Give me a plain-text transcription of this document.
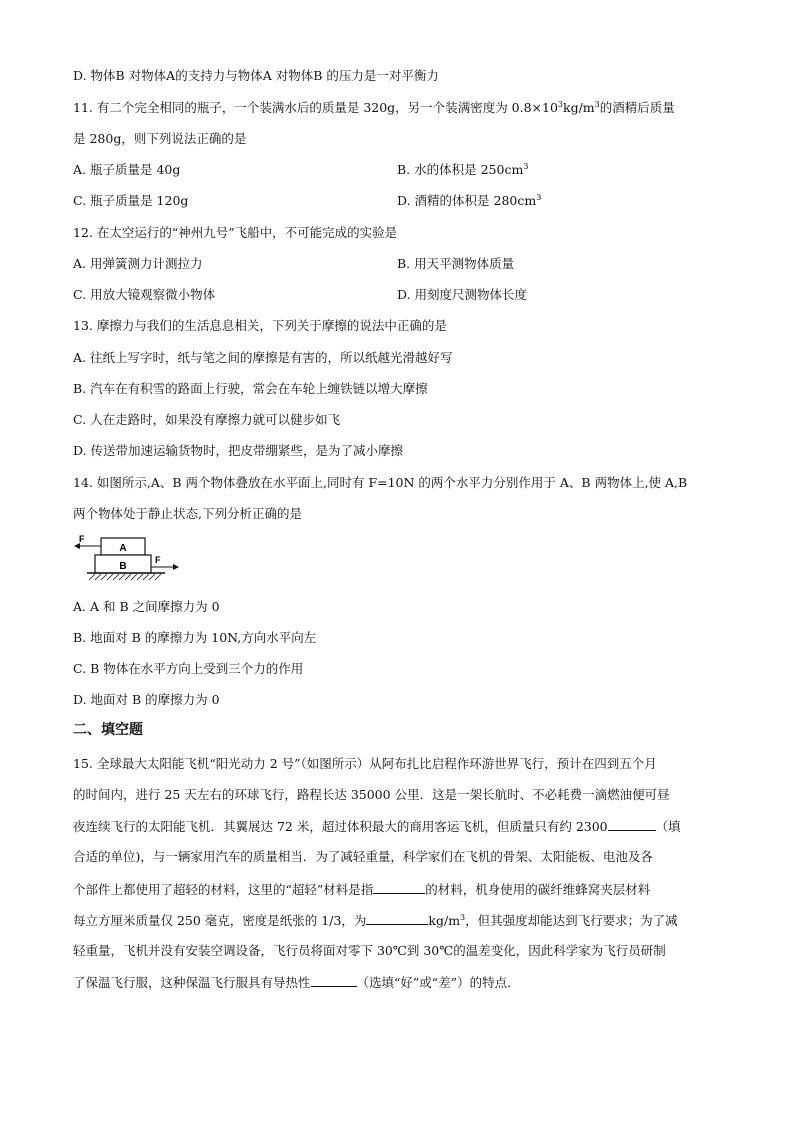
D. 物体B 对物体A的支持力与物体A 对物体B 的压力是一对平衡力
11. 有二个完全相同的瓶子，一个装满水后的质量是 320g，另一个装满密度为 $0.8\times 10^3kg/m^3$的酒精后质量
是 280g，则下列说法正确的是
A. 瓶子质量是 40g	B. 水的体积是 $250cm^3$
C. 瓶子质量是 120g	D. 酒精的体积是 $280cm^3$
12. 在太空运行的“神州九号”飞船中，不可能完成的实验是
A. 用弹簧测力计测拉力	B. 用天平测物体质量
C. 用放大镜观察微小物体	D. 用刻度尺测物体长度
13. 摩擦力与我们的生活息息相关，下列关于摩擦的说法中正确的是
A. 往纸上写字时，纸与笔之间的摩擦是有害的，所以纸越光滑越好写
B. 汽车在有积雪的路面上行驶，常会在车轮上缠铁链以增大摩擦
C. 人在走路时，如果没有摩擦力就可以健步如飞
D. 传送带加速运输货物时，把皮带绷紧些，是为了减小摩擦
14. 如图所示,A、B 两个物体叠放在水平面上,同时有 F=10N 的两个水平力分别作用于 A、B 两物体上,使 A,B
两个物体处于静止状态,下列分析正确的是
A
B
F
F
A. A 和 B 之间摩擦力为 0
B. 地面对 B 的摩擦力为 10N,方向水平向左
C. B 物体在水平方向上受到三个力的作用
D. 地面对 B 的摩擦力为 0
二、填空题
15. 全球最大太阳能飞机“阳光动力 2 号”（如图所示）从阿布扎比启程作环游世界飞行，预计在四到五个月
的时间内，进行 25 天左右的环球飞行，路程长达 35000 公里．这是一架长航时、不必耗费一滴燃油便可昼
夜连续飞行的太阳能飞机．其翼展达 72 米，超过体积最大的商用客运飞机，但质量只有约 2300	（填
合适的单位)，与一辆家用汽车的质量相当．为了减轻重量，科学家们在飞机的骨架、太阳能板、电池及各
个部件上都使用了超轻的材料，这里的“超轻”材料是指	的材料，机身使用的碳纤维蜂窝夹层材料
每立方厘米质量仅 250 毫克，密度是纸张的 1/3，为	$kg/m^3$，但其强度却能达到飞行要求；为了减
轻重量，飞机并没有安装空调设备，飞行员将面对零下 30℃到 30℃的温差变化，因此科学家为飞行员研制
了保温飞行服，这种保温飞行服具有导热性	（选填“好”或“差”）的特点．
